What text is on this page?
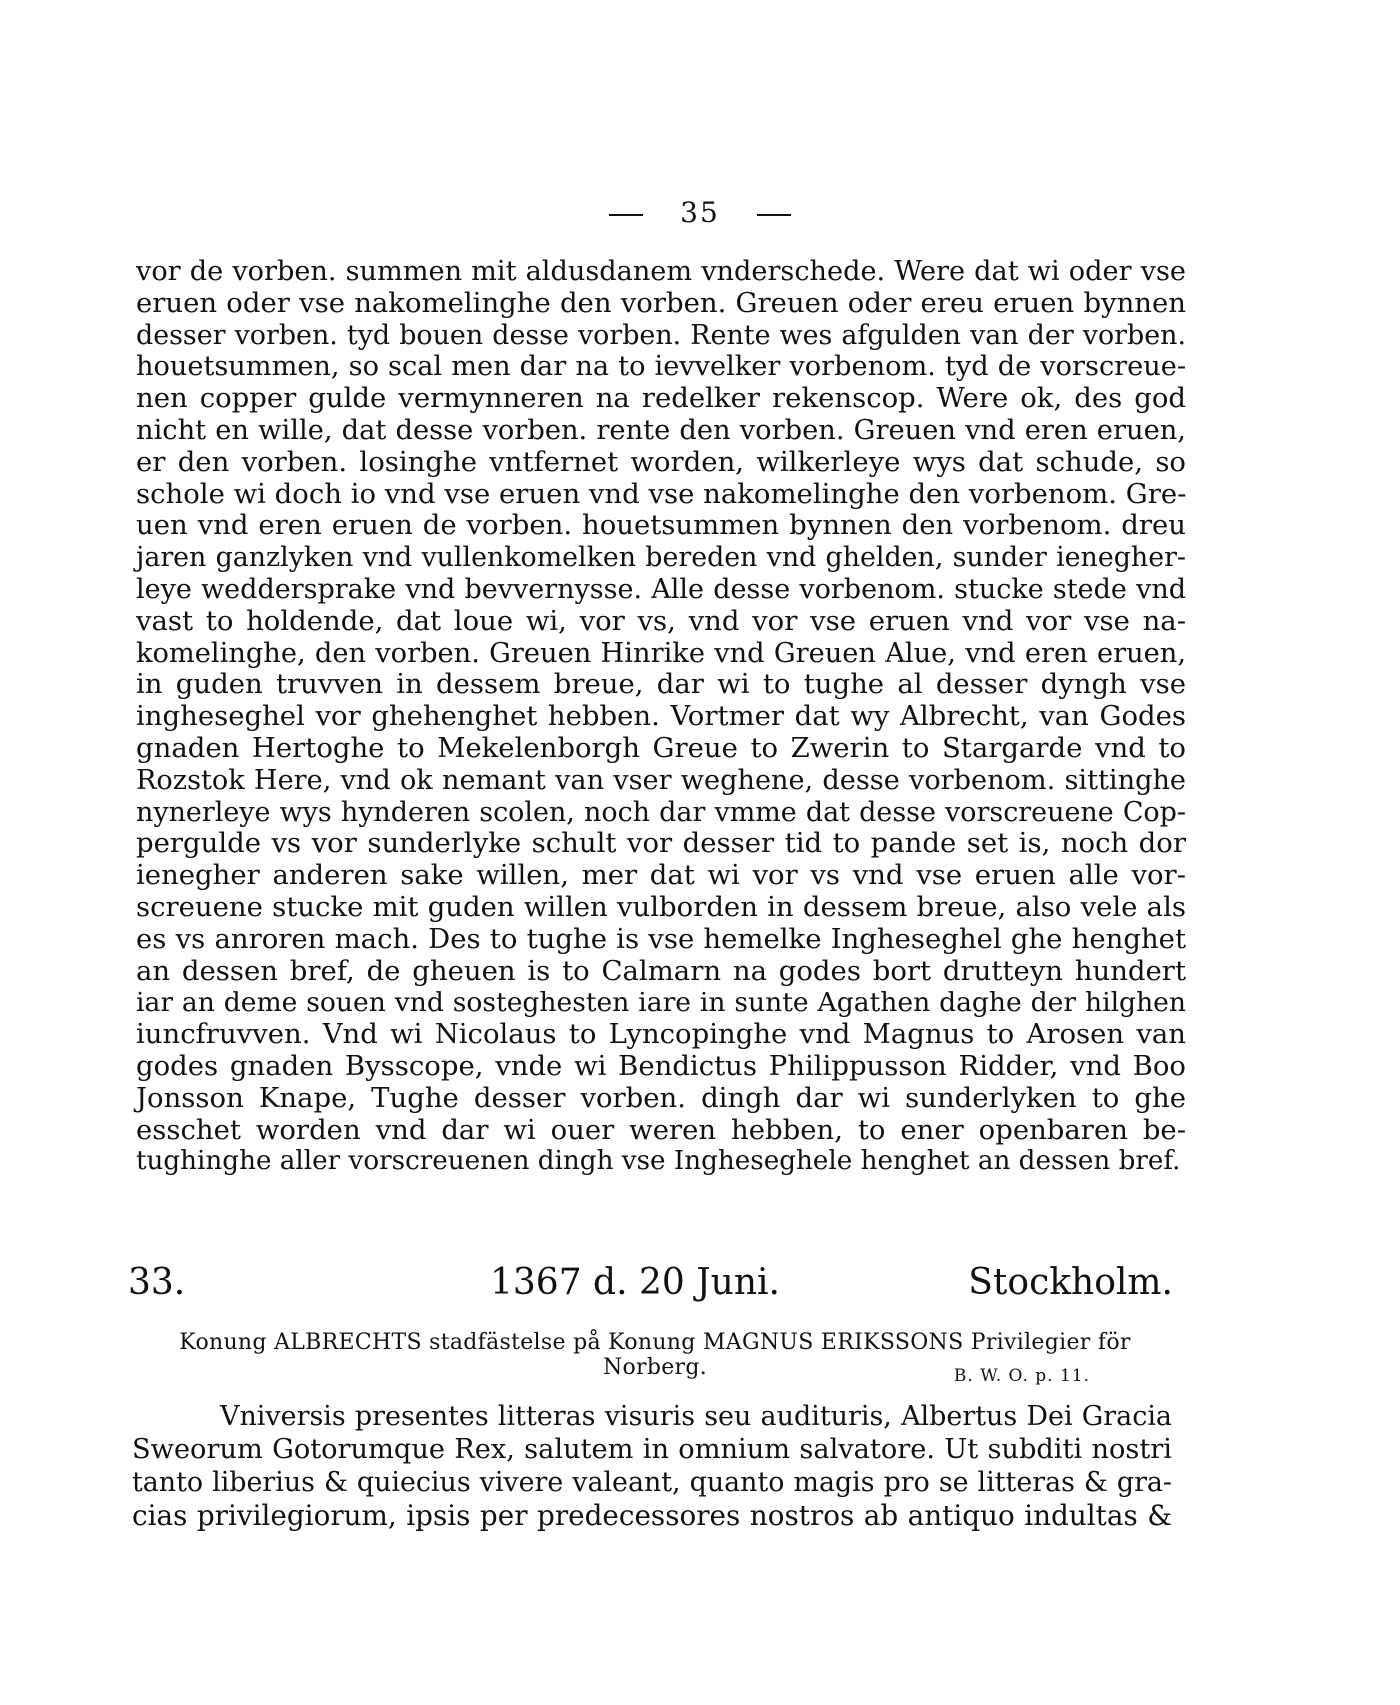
35
vor de vorben. summen mit aldusdanem vnderschede. Were dat wi oder vse
eruen oder vse nakomelinghe den vorben. Greuen oder ereu eruen bynnen
desser vorben. tyd bouen desse vorben. Rente wes afgulden van der vorben.
houetsummen, so scal men dar na to ievvelker vorbenom. tyd de vorscreue-
nen copper gulde vermynneren na redelker rekenscop. Were ok, des god
nicht en wille, dat desse vorben. rente den vorben. Greuen vnd eren eruen,
er den vorben. losinghe vntfernet worden, wilkerleye wys dat schude, so
schole wi doch io vnd vse eruen vnd vse nakomelinghe den vorbenom. Gre-
uen vnd eren eruen de vorben. houetsummen bynnen den vorbenom. dreu
jaren ganzlyken vnd vullenkomelken bereden vnd ghelden, sunder ienegher-
leye weddersprake vnd bevvernysse. Alle desse vorbenom. stucke stede vnd
vast to holdende, dat loue wi, vor vs, vnd vor vse eruen vnd vor vse na-
komelinghe, den vorben. Greuen Hinrike vnd Greuen Alue, vnd eren eruen,
in guden truvven in dessem breue, dar wi to tughe al desser dyngh vse
ingheseghel vor ghehenghet hebben. Vortmer dat wy Albrecht, van Godes
gnaden Hertoghe to Mekelenborgh Greue to Zwerin to Stargarde vnd to
Rozstok Here, vnd ok nemant van vser weghene, desse vorbenom. sittinghe
nynerleye wys hynderen scolen, noch dar vmme dat desse vorscreuene Cop-
pergulde vs vor sunderlyke schult vor desser tid to pande set is, noch dor
ienegher anderen sake willen, mer dat wi vor vs vnd vse eruen alle vor-
screuene stucke mit guden willen vulborden in dessem breue, also vele als
es vs anroren mach. Des to tughe is vse hemelke Ingheseghel ghe henghet
an dessen bref, de gheuen is to Calmarn na godes bort drutteyn hundert
iar an deme souen vnd sosteghesten iare in sunte Agathen daghe der hilghen
iuncfruvven. Vnd wi Nicolaus to Lyncopinghe vnd Magnus to Arosen van
godes gnaden Bysscope, vnde wi Bendictus Philippusson Ridder, vnd Boo
Jonsson Knape, Tughe desser vorben. dingh dar wi sunderlyken to ghe
esschet worden vnd dar wi ouer weren hebben, to ener openbaren be-
tughinghe aller vorscreuenen dingh vse Ingheseghele henghet an dessen bref.
33.	1367 d. 20 Juni.	Stockholm.
Konung ALBRECHTS stadfästelse på Konung MAGNUS ERIKSSONS Privilegier för Norberg.	B. W. O. p. 11.
Vniversis presentes litteras visuris seu audituris, Albertus Dei Gracia
Sweorum Gotorumque Rex, salutem in omnium salvatore. Ut subditi nostri
tanto liberius & quiecius vivere valeant, quanto magis pro se litteras & gra-
cias privilegiorum, ipsis per predecessores nostros ab antiquo indultas &
